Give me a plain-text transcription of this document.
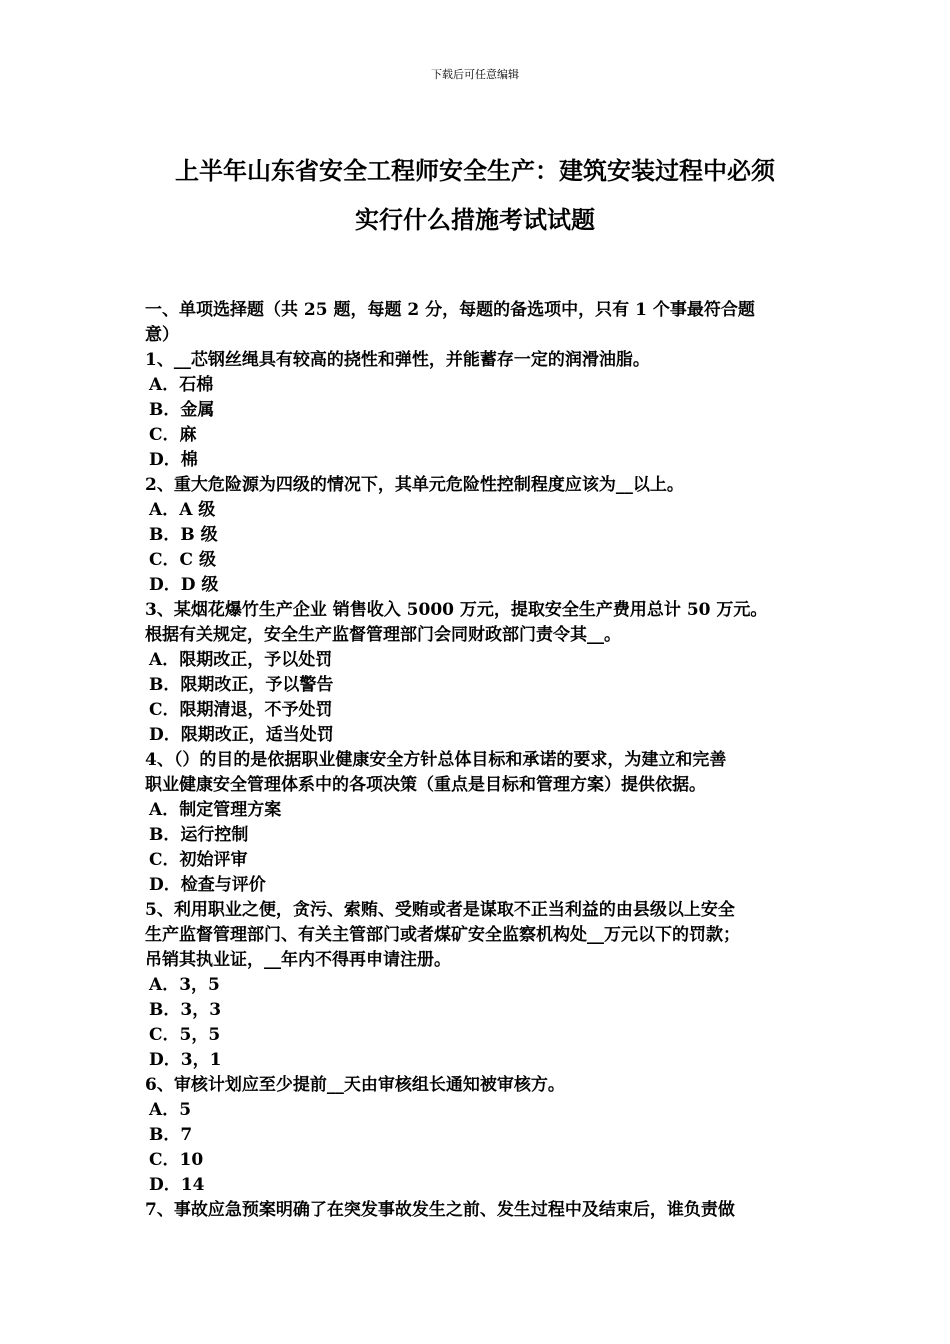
下载后可任意编辑
上半年山东省安全工程师安全生产：建筑安装过程中必须
实行什么措施考试试题
一、单项选择题（共 25 题，每题 2 分，每题的备选项中，只有 1 个事最符合题
意）
1、__芯钢丝绳具有较高的挠性和弹性，并能蓄存一定的润滑油脂。
A．石棉
B．金属
C．麻
D．棉
2、重大危险源为四级的情况下，其单元危险性控制程度应该为__以上。
A．A 级
B．B 级
C．C 级
D．D 级
3、某烟花爆竹生产企业 销售收入 5000 万元，提取安全生产费用总计 50 万元。
根据有关规定，安全生产监督管理部门会同财政部门责令其__。
A．限期改正，予以处罚
B．限期改正，予以警告
C．限期清退，不予处罚
D．限期改正，适当处罚
4、（）的目的是依据职业健康安全方针总体目标和承诺的要求，为建立和完善
职业健康安全管理体系中的各项决策（重点是目标和管理方案）提供依据。
A．制定管理方案
B．运行控制
C．初始评审
D．检查与评价
5、利用职业之便，贪污、索贿、受贿或者是谋取不正当利益的由县级以上安全
生产监督管理部门、有关主管部门或者煤矿安全监察机构处__万元以下的罚款；
吊销其执业证，__年内不得再申请注册。
A．3，5
B．3，3
C．5，5
D．3，1
6、审核计划应至少提前__天由审核组长通知被审核方。
A．5
B．7
C．10
D．14
7、事故应急预案明确了在突发事故发生之前、发生过程中及结束后，谁负责做
